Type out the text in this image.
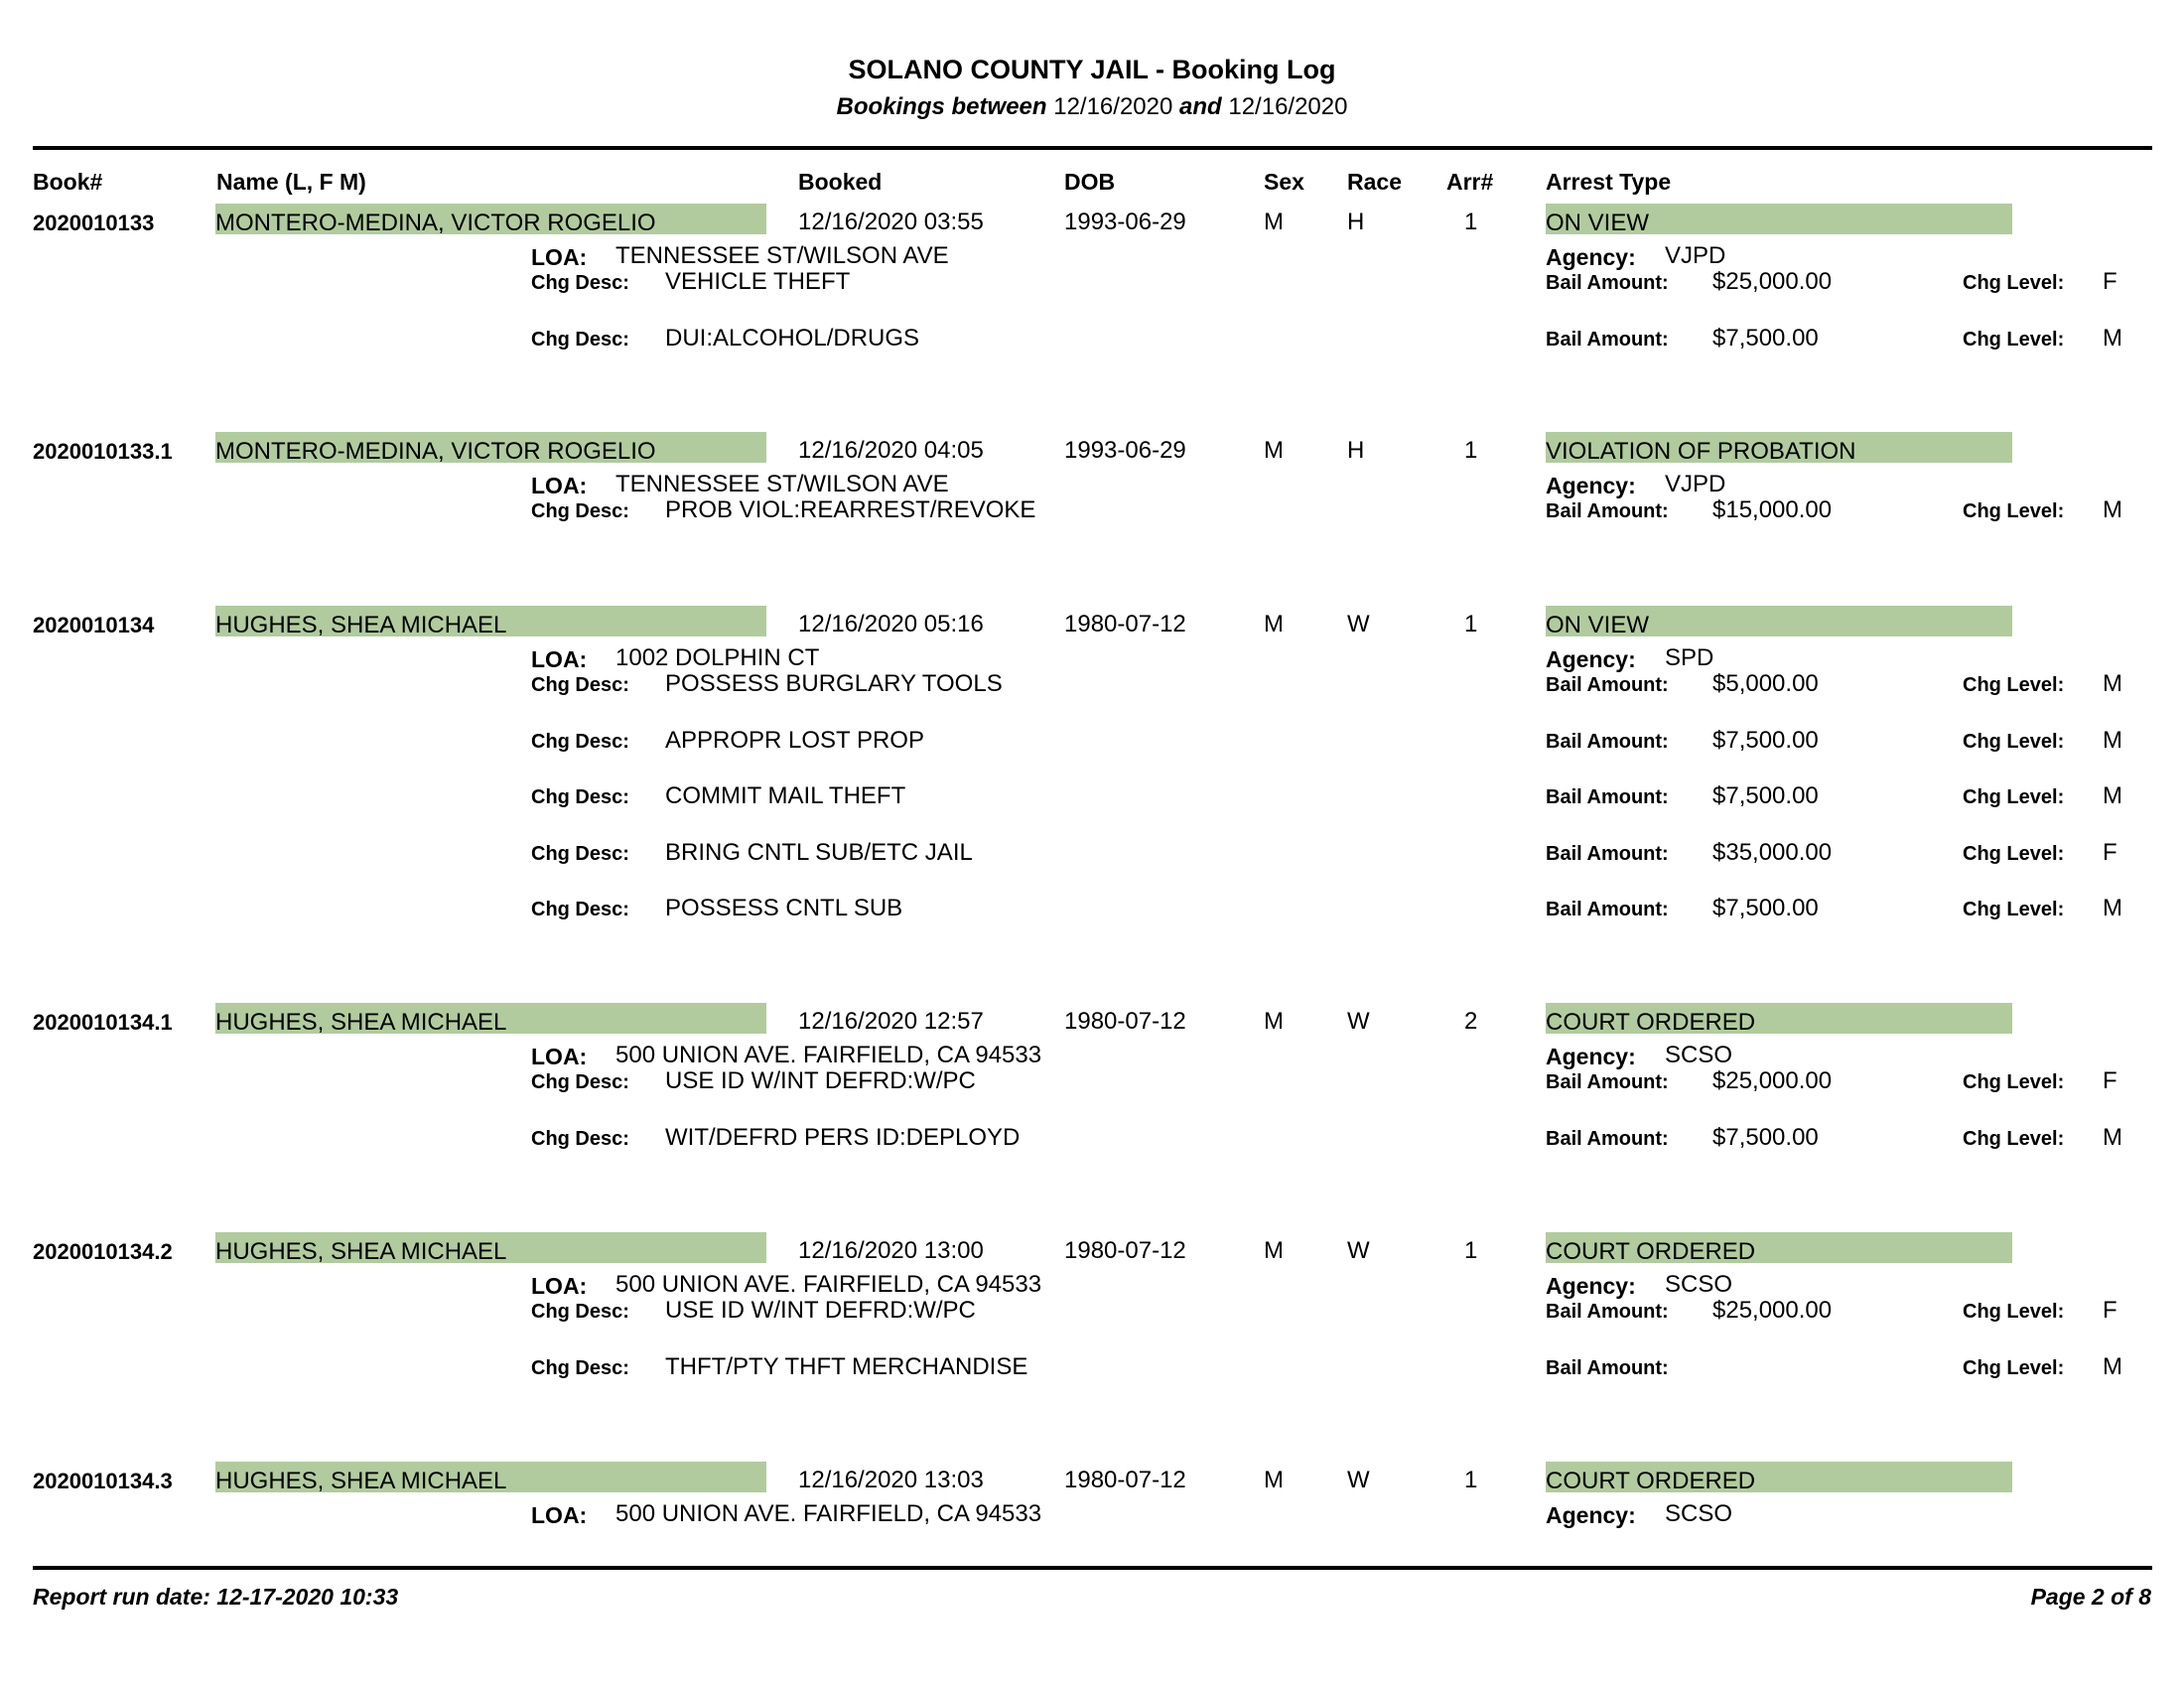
SOLANO COUNTY JAIL - Booking Log
Bookings between 12/16/2020 and 12/16/2020
Book#	Name (L, F M)	Booked	DOB	Sex Race Arr# Arrest Type
2020010133	MONTERO-MEDINA, VICTOR ROGELIO	12/16/2020 03:55	1993-06-29	M	H	1	ON VIEW
LOA: TENNESSEE ST/WILSON AVE	Agency: VJPD
Chg Desc: VEHICLE THEFT	Bail Amount: $25,000.00	Chg Level: F
Chg Desc: DUI:ALCOHOL/DRUGS	Bail Amount: $7,500.00	Chg Level: M
2020010133.1 MONTERO-MEDINA, VICTOR ROGELIO	12/16/2020 04:05	1993-06-29	M	H	1	VIOLATION OF PROBATION
LOA: TENNESSEE ST/WILSON AVE	Agency: VJPD
Chg Desc: PROB VIOL:REARREST/REVOKE	Bail Amount: $15,000.00	Chg Level: M
2020010134	HUGHES, SHEA MICHAEL	12/16/2020 05:16	1980-07-12	M	W	1	ON VIEW
LOA: 1002 DOLPHIN CT	Agency: SPD
Chg Desc: POSSESS BURGLARY TOOLS	Bail Amount: $5,000.00	Chg Level: M
Chg Desc: APPROPR LOST PROP	Bail Amount: $7,500.00	Chg Level: M
Chg Desc: COMMIT MAIL THEFT	Bail Amount: $7,500.00	Chg Level: M
Chg Desc: BRING CNTL SUB/ETC JAIL	Bail Amount: $35,000.00	Chg Level: F
Chg Desc: POSSESS CNTL SUB	Bail Amount: $7,500.00	Chg Level: M
2020010134.1 HUGHES, SHEA MICHAEL	12/16/2020 12:57	1980-07-12	M	W	2	COURT ORDERED
LOA: 500 UNION AVE. FAIRFIELD, CA 94533	Agency: SCSO
Chg Desc: USE ID W/INT DEFRD:W/PC	Bail Amount: $25,000.00	Chg Level: F
Chg Desc: WIT/DEFRD PERS ID:DEPLOYD	Bail Amount: $7,500.00	Chg Level: M
2020010134.2 HUGHES, SHEA MICHAEL	12/16/2020 13:00	1980-07-12	M	W	1	COURT ORDERED
LOA: 500 UNION AVE. FAIRFIELD, CA 94533	Agency: SCSO
Chg Desc: USE ID W/INT DEFRD:W/PC	Bail Amount: $25,000.00	Chg Level: F
Chg Desc: THFT/PTY THFT MERCHANDISE	Bail Amount:	Chg Level: M
2020010134.3 HUGHES, SHEA MICHAEL	12/16/2020 13:03	1980-07-12	M	W	1	COURT ORDERED
LOA: 500 UNION AVE. FAIRFIELD, CA 94533	Agency: SCSO
Report run date: 12-17-2020 10:33	Page 2 of 8
